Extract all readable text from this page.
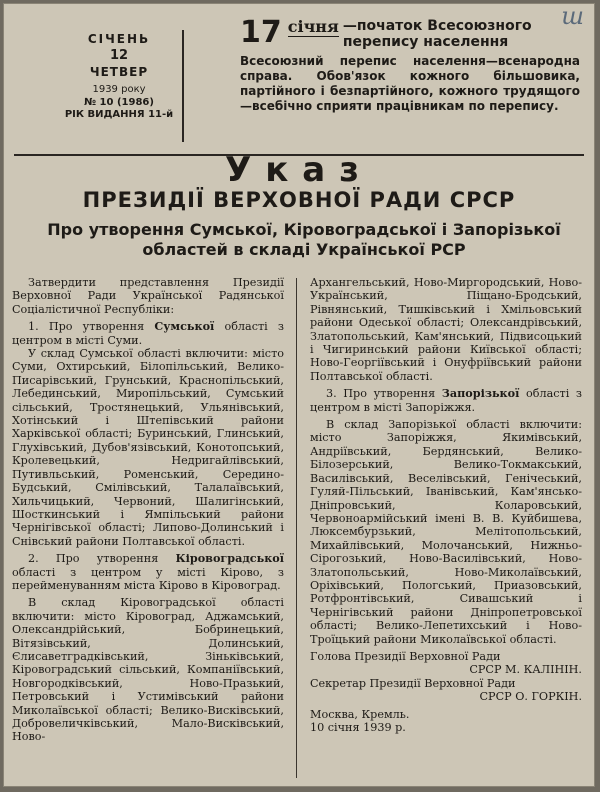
ш
СІЧЕНЬ
12
ЧЕТВЕР
1939 року
№ 10 (1986)
РІК ВИДАННЯ 11-й
17 січня —початок Всесоюзного перепису населення
Всесоюзний перепис населення—всенародна справа. Обов'язок кожного більшовика, партійного і безпартійного, кожного трудящого—всебічно сприяти працівникам по перепису.
Указ
ПРЕЗИДІЇ ВЕРХОВНОЇ РАДИ СРСР
Про утворення Сумської, Кіровоградської і Запорізької областей в складі Української РСР

Затвердити представлення Президії Верховної Ради Української Радянської Соціалістичної Республіки:

1. Про утворення Сумської області з центром в місті Суми.

У склад Сумської області включити: місто Суми, Охтирський, Білопільський, Велико-Писарівський, Грунський, Краснопільський, Лебединський, Миропільський, Сумський сільський, Тростянецький, Ульянівський, Хотінський і Штепівський райони Харківської області; Буринський, Глинський, Глухівський, Дубов'язівський, Конотопський, Кролевецький, Недригайлівський, Путивльський, Роменський, Середино-Будський, Смілівський, Талалаївський, Хильчицький, Червоний, Шалигінський, Шосткинський і Ямпільський райони Чернігівської області; Липово-Долинський і Снівський райони Полтавської області.

2. Про утворення Кіровоградської області з центром у місті Кірово, з перейменуванням міста Кірово в Кіровоград.

В склад Кіровоградської області включити: місто Кіровоград, Аджамський, Олександрійський, Бобринецький, Вітязівський, Долинський, Єлисаветградківський, Зіньківський, Кіровоградський сільський, Компаніївський, Новгородківський, Ново-Празький, Петровський і Устимівський райони Миколаївської області; Велико-Висківський, Добровеличківський, Мало-Висківський, Ново-

Архангельський, Ново-Миргородський, Ново-Український, Піщано-Бродський, Рівнянський, Тишківський і Хмільовський райони Одеської області; Олександрівський, Златопольський, Кам'янський, Підвисоцький і Чигиринський райони Київської області; Ново-Георгіївський і Онуфріївський райони Полтавської області.

3. Про утворення Запорізької області з центром в місті Запоріжжя.

В склад Запорізької області включити: місто Запоріжжя, Якимівський, Андріївський, Бердянський, Велико-Білозерський, Велико-Токмакський, Василівський, Веселівський, Генічеський, Гуляй-Пільський, Іванівський, Кам'янсько-Дніпровський, Коларовський, Червоноармійський імені В. В. Куйбишева, Люксембурзький, Мелітопольський, Михайлівський, Молочанський, Нижньо-Сірогозький, Ново-Василівський, Ново-Златопольський, Ново-Миколаївський, Оріхівський, Пологський, Приазовський, Ротфронтівський, Сивашський і Чернігівський райони Дніпропетровської області; Велико-Лепетихський і Ново-Троїцький райони Миколаївської області.

Голова Президії Верховної Ради

СРСР М. КАЛІНІН.

Секретар Президії Верховної Ради

СРСР О. ГОРКІН.

Москва, Кремль.

10 січня 1939 р.
